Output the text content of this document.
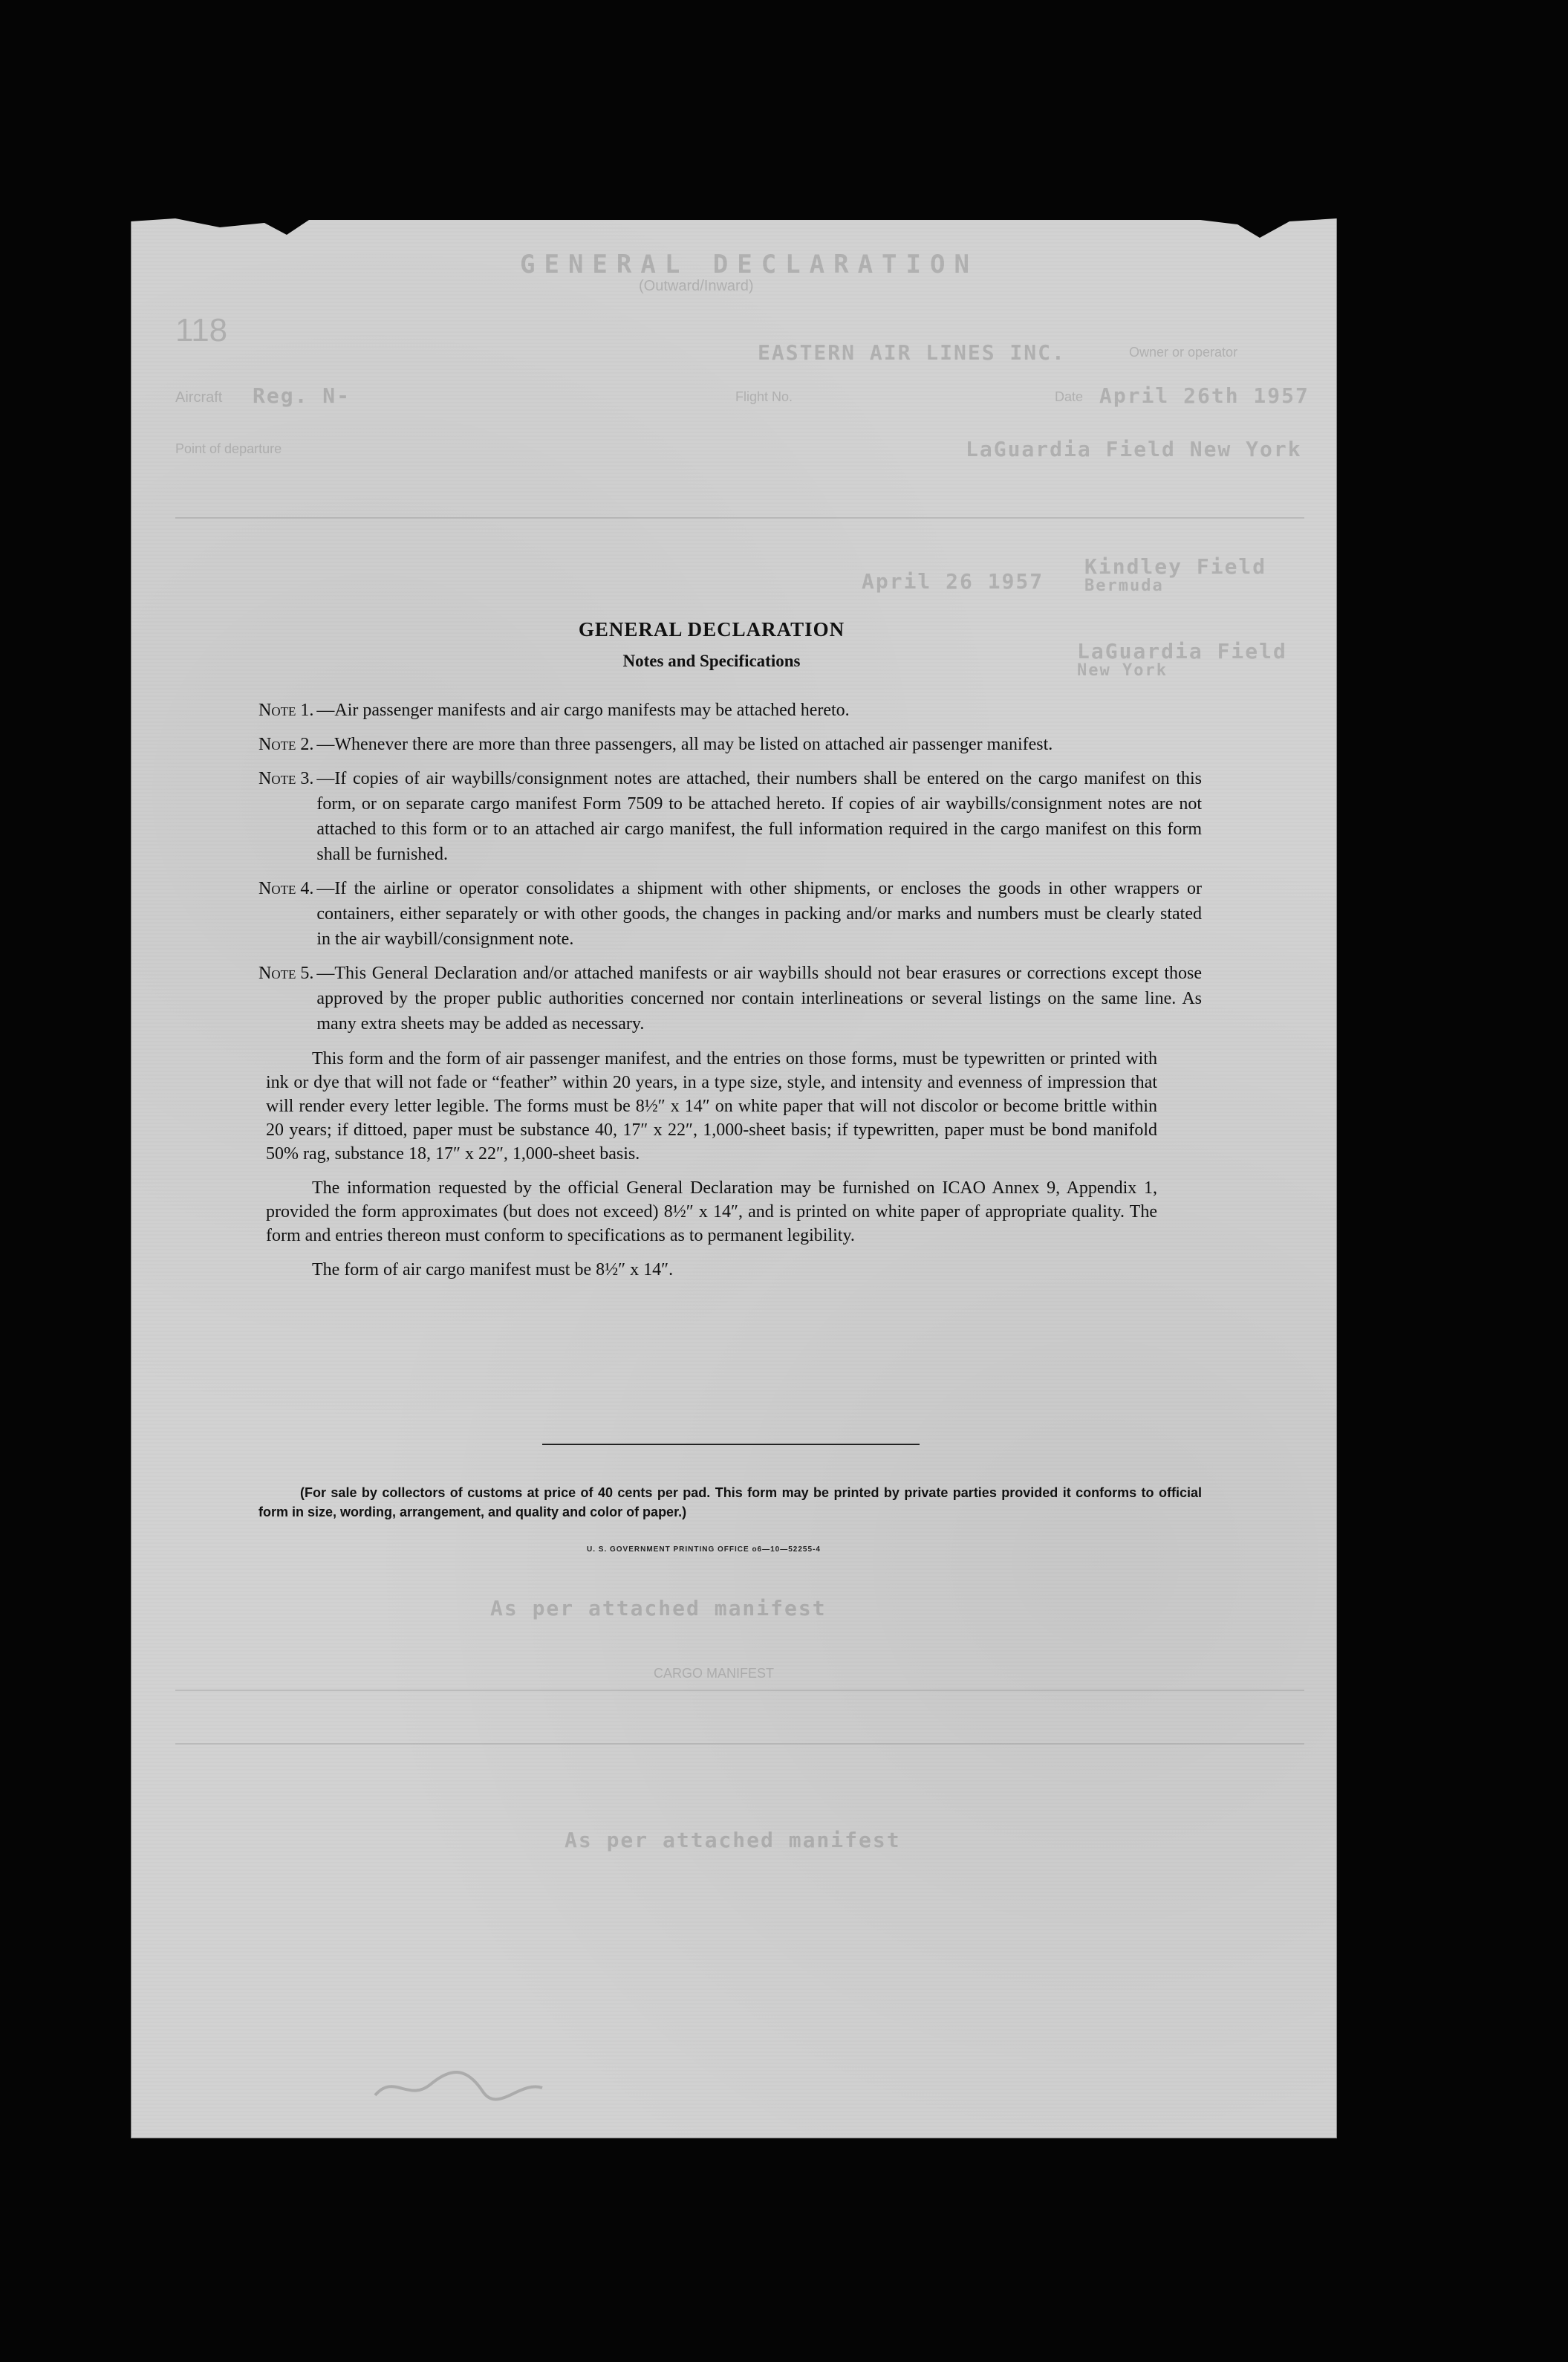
GENERAL DECLARATION
(Outward/Inward)
118
EASTERN AIR LINES INC.	Owner or operator
Aircraft Reg. N-	Flight No.	Date April 26th 1957
Point of departure	LaGuardia Field New York
Kindley Field
Bermuda
April 26 1957
LaGuardia Field
New York
As per attached manifest
CARGO MANIFEST
As per attached manifest
GENERAL DECLARATION
Notes and Specifications
Note 1. —Air passenger manifests and air cargo manifests may be attached hereto.
Note 2. —Whenever there are more than three passengers, all may be listed on attached air passenger manifest.
Note 3. —If copies of air waybills/consignment notes are attached, their numbers shall be entered on the cargo manifest on this form, or on separate cargo manifest Form 7509 to be attached hereto. If copies of air waybills/consignment notes are not attached to this form or to an attached air cargo manifest, the full information required in the cargo manifest on this form shall be furnished.
Note 4. —If the airline or operator consolidates a shipment with other shipments, or encloses the goods in other wrappers or containers, either separately or with other goods, the changes in packing and/or marks and numbers must be clearly stated in the air waybill/consignment note.
Note 5. —This General Declaration and/or attached manifests or air waybills should not bear erasures or corrections except those approved by the proper public authorities concerned nor contain interlineations or several listings on the same line. As many extra sheets may be added as necessary.

This form and the form of air passenger manifest, and the entries on those forms, must be typewritten or printed with ink or dye that will not fade or “feather” within 20 years, in a type size, style, and intensity and evenness of impression that will render every letter legible. The forms must be 8½″ x 14″ on white paper that will not discolor or become brittle within 20 years; if dittoed, paper must be substance 40, 17″ x 22″, 1,000-sheet basis; if typewritten, paper must be bond manifold 50% rag, substance 18, 17″ x 22″, 1,000-sheet basis.

The information requested by the official General Declaration may be furnished on ICAO Annex 9, Appendix 1, provided the form approximates (but does not exceed) 8½″ x 14″, and is printed on white paper of appropriate quality. The form and entries thereon must conform to specifications as to permanent legibility.

The form of air cargo manifest must be 8½″ x 14″.

(For sale by collectors of customs at price of 40 cents per pad. This form may be printed by private parties provided it conforms to official form in size, wording, arrangement, and quality and color of paper.)
U. S. GOVERNMENT PRINTING OFFICE o6—10—52255-4
